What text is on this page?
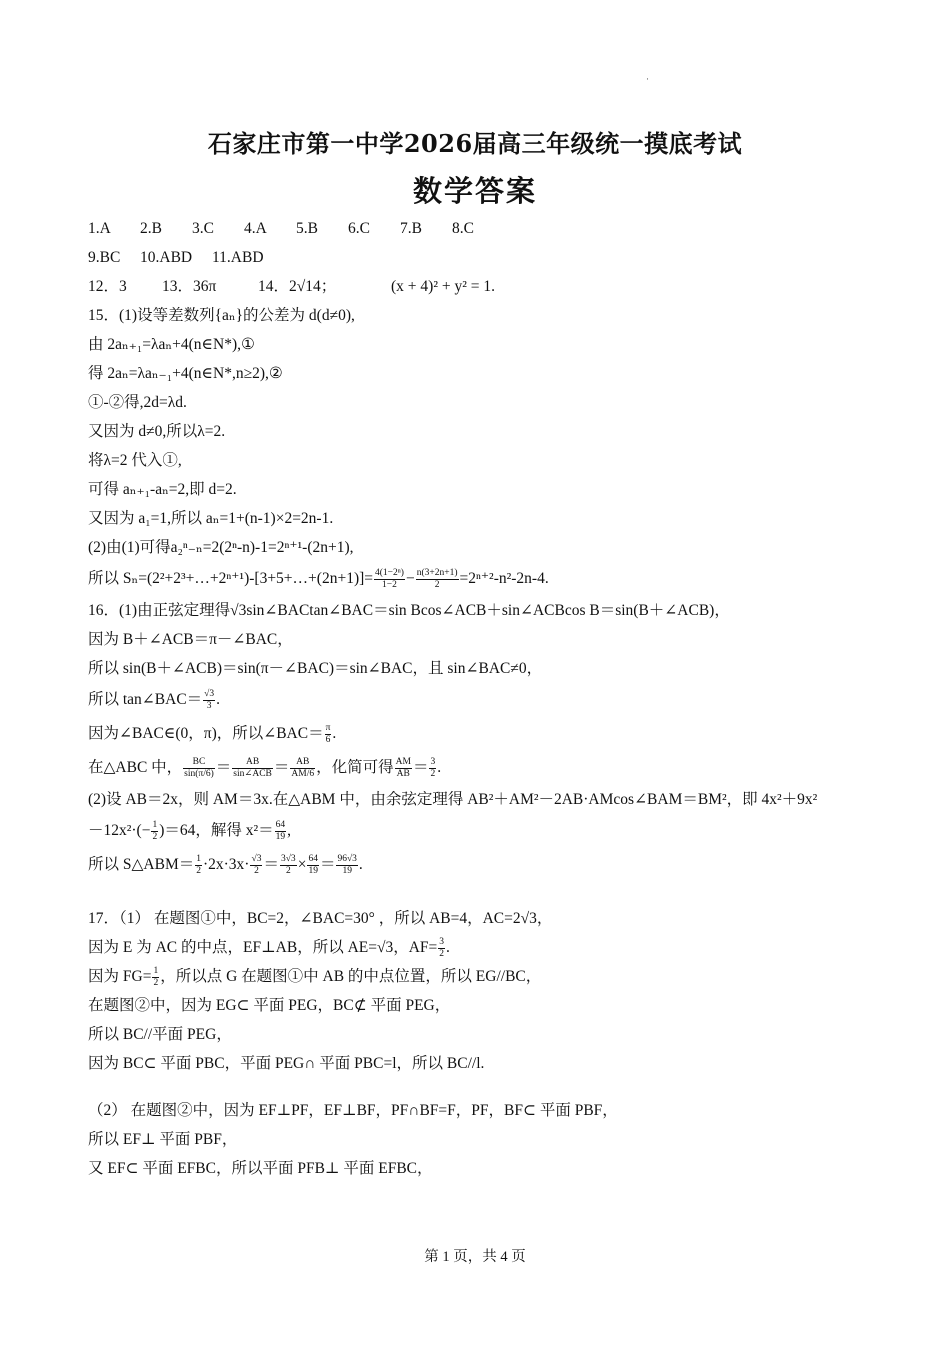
·
石家庄市第一中学2026届高三年级统一摸底考试
数学答案
1.A 2.B 3.C 4.A 5.B 6.C 7.B 8.C
9.BC 10.ABD 11.ABD
12．3 13．36π	14．2√14；	(x + 4)² + y² = 1.
15．(1)设等差数列{aₙ}的公差为 d(d≠0),
由 2aₙ₊₁=λaₙ+4(n∈N*),①
得 2aₙ=λaₙ₋₁+4(n∈N*,n≥2),②
①-②得,2d=λd.
又因为 d≠0,所以λ=2.
将λ=2 代入①,
可得 aₙ₊₁-aₙ=2,即 d=2.
又因为 a₁=1,所以 aₙ=1+(n-1)×2=2n-1.
(2)由(1)可得a₂ⁿ₋ₙ=2(2ⁿ-n)-1=2ⁿ⁺¹-(2n+1),
所以 Sₙ=(2²+2³+…+2ⁿ⁺¹)-[3+5+…+(2n+1)]= $\frac{\text{4(1−2ⁿ)}}{1-2} - \frac{n(3+2n+1)}{2} =2^{n+2}-n^2-2n-4$.
16．(1)由正弦定理得√3sin∠BACtan∠BAC＝sin Bcos∠ACB＋sin∠ACBcos B＝sin(B＋∠ACB)，
因为 B＋∠ACB＝π－∠BAC，
所以 sin(B＋∠ACB)＝sin(π－∠BAC)＝sin∠BAC，且 sin∠BAC≠0，
所以 tan∠BAC＝ $\frac{√3}{3}$ .
因为∠BAC∈(0，π)，所以∠BAC＝ $\frac{\pi}{6}$ .
在△ABC 中， $\frac{BC}{\sin(\pi/6)} = \frac{AB}{\text{sin∠ACB}} = \frac{AB}{AM/6}$ ，化简可得 $\frac{AM}{AB} = \frac{3}{2}$ .
(2)设 AB＝2x，则 AM＝3x.在△ABM 中，由余弦定理得 AB²＋AM²－2AB·AMcos∠BAM＝BM²，即 4x²＋9x²
$-12x^2\cdot(- \frac{1}{2} )=64$，解得 $x^2= \frac{64}{19}$ ,
所以 S△ABM＝ $\frac{1}{2} \cdot 2x\cdot 3x\cdot \frac{√3}{2} = \frac{3√3}{2} \times \frac{64}{19} = \frac{96√3}{19}$ .
17．（1） 在题图①中，BC=2，∠BAC=30° ，所以 AB=4，AC=2√3，
因为 E 为 AC 的中点，EF⊥AB，所以 AE=√3，$AF= \frac{3}{2}$ .
因为 $FG= \frac{1}{2}$ ，所以点 G 在题图①中 AB 的中点位置，所以 EG//BC，
在题图②中，因为 EG⊂ 平面 PEG，BC⊄ 平面 PEG，
所以 BC//平面 PEG，
因为 BC⊂ 平面 PBC，平面 PEG∩ 平面 PBC=l，所以 BC//l.
（2） 在题图②中，因为 EF⊥PF，EF⊥BF，PF∩BF=F，PF，BF⊂ 平面 PBF，
所以 EF⊥ 平面 PBF，
又 EF⊂ 平面 EFBC，所以平面 PFB⊥ 平面 EFBC，
第 1 页，共 4 页
